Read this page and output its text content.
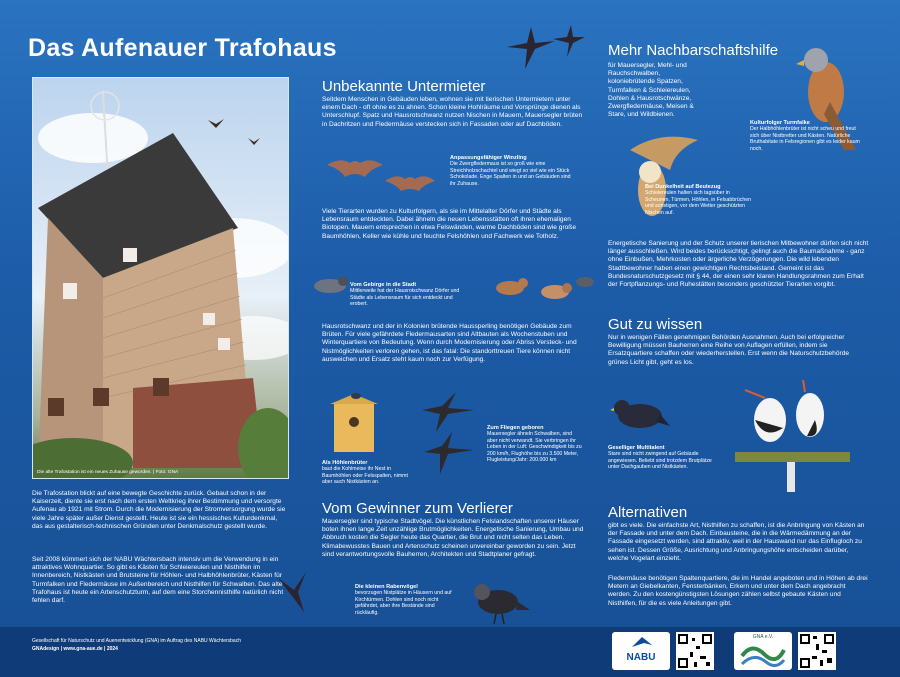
Das Aufenauer Trafohaus
Die alte Trafostation ist ein neues Zuhause geworden. | Foto: GNA
Die Trafostation blickt auf eine bewegte Geschichte zurück. Gebaut schon in der Kaiserzeit, diente sie erst nach dem ersten Weltkrieg ihrer Bestimmung und versorgte Aufenau ab 1921 mit Strom. Durch die Modernisierung der Stromversorgung wurde sie viele Jahre später außer Dienst gestellt. Heute ist sie ein hessisches Kulturdenkmal, das aus gestalterisch-technischen Gründen unter Denkmalschutz gestellt wurde.
Seit 2008 kümmert sich der NABU Wächtersbach intensiv um die Verwendung in ein attraktives Wohnquartier. So gibt es Kästen für Schleiereulen und Nisthilfen im Innenbereich, Nistkästen und Brutsteine für Höhlen- und Halbhöhlenbrüter, Kästen für Turmfalken und Fledermäuse im Außenbereich und Nisthilfen für Schwalben. Das alte Trafohaus ist heute ein Artenschutzturm, auf dem eine Storchennisthilfe natürlich nicht fehlen darf.
Unbekannte Untermieter
Seitdem Menschen in Gebäuden leben, wohnen sie mit tierischen Untermietern unter einem Dach - oft ohne es zu ahnen. Schon kleine Hohlräume und Vorsprünge dienen als Unterschlupf. Spatz und Hausrotschwanz nutzen Nischen in Mauern, Mauersegler brüten in Dachritzen und Fledermäuse verstecken sich in Fassaden oder auf Dachböden.
Anpassungsfähiger Winzling
Die Zwergfledermaus ist so groß wie eine Streichholzschachtel und wiegt so viel wie ein Stück Schokolade. Enge Spalten in und an Gebäuden sind ihr Zuhause.
Viele Tierarten wurden zu Kulturfolgern, als sie im Mittelalter Dörfer und Städte als Lebensraum entdeckten. Dabei ähneln die neuen Lebensstätten oft ihren ehemaligen Biotopen. Mauern entsprechen in etwa Felswänden, warme Dachböden sind wie große Baumhöhlen, Keller wie kühle und feuchte Felshöhlen und Fachwerk wie Totholz.
Vom Gebirge in die Stadt
Mittlerweile hat der Hausrotschwanz Dörfer und Städte als Lebensraum für sich entdeckt und erobert.
Hausrotschwanz und der in Kolonien brütende Haussperling benötigen Gebäude zum Brüten. Für viele gefährdete Fledermausarten sind Altbauten als Wochenstuben und Winterquartiere von Bedeutung. Wenn durch Modernisierung oder Abriss Versteck- und Nistmöglichkeiten verloren gehen, ist das fatal: Die standorttreuen Tiere können nicht ausweichen und Ersatz steht kaum noch zur Verfügung.
Als Höhlenbrüter
baut die Kohlmeise ihr Nest in Baumhöhlen oder Felsspalten, nimmt aber auch Nistkästen an.
Zum Fliegen geboren
Mauersegler ähneln Schwalben, sind aber nicht verwandt. Sie verbringen ihr Leben in der Luft: Geschwindigkeit bis zu 200 km/h, Flughöhe bis zu 3.500 Meter, Flugleistung/Jahr: 200.000 km
Vom Gewinner zum Verlierer
Mauersegler sind typische Stadtvögel. Die künstlichen Felslandschaften unserer Häuser boten ihnen lange Zeit unzählige Brutmöglichkeiten. Energetische Sanierung, Umbau und Abbruch kosten die Segler heute das Quartier, die Brut und nicht selten das Leben. Klimabewusstes Bauen und Artenschutz scheinen unvereinbar geworden zu sein. Jetzt sind verantwortungsvolle Bauherren, Architekten und Stadtplaner gefragt.
Die kleinen Rabenvögel
bevorzugen Nistplätze in Häusern und auf Kirchtürmen. Dohlen sind noch nicht gefährdet, aber ihre Bestände sind rückläufig.
Mehr Nachbarschaftshilfe
für Mauersegler, Mehl- und Rauchschwalben, koloniebrütende Spatzen, Turmfalken & Schleiereulen, Dohlen & Hausrotschwänze, Zwergfledermäuse, Meisen & Stare, und Wildbienen.
Kulturfolger Turmfalke
Der Halbhöhlenbrüter ist nicht scheu und freut sich über Nistbretter und Kästen. Natürliche Bruthabitate in Felsregionen gibt es leider kaum noch.
Bei Dunkelheit auf Beutezug
Schleiereulen halten sich tagsüber in Scheunen, Türmen, Höhlen, in Felsabbrüchen und sonstigen, vor dem Wetter geschützten Nischen auf.
Energetische Sanierung und der Schutz unserer tierischen Mitbewohner dürfen sich nicht länger ausschließen. Wird beides berücksichtigt, gelingt auch die Baumaßnahme - ganz ohne Einbußen, Mehrkosten oder ärgerliche Verzögerungen. Die wild lebenden Stadtbewohner haben einen gewichtigen Rechtsbeistand. Gemeint ist das Bundesnaturschutzgesetz mit § 44, der einen sehr klaren Handlungsrahmen zum Erhalt der Fortpflanzungs- und Ruhestätten besonders geschützter Tierarten vorgibt.
Gut zu wissen
Nur in wenigen Fällen genehmigen Behörden Ausnahmen. Auch bei erfolgreicher Bewilligung müssen Bauherren eine Reihe von Auflagen erfüllen, indem sie Ersatzquartiere schaffen oder wiederherstellen. Erst wenn die Naturschutzbehörde grünes Licht gibt, geht es los.
Geselliger Multitalent
Stare sind nicht zwingend auf Gebäude angewiesen. Beliebt sind trotzdem Brutplätze unter Dachgauben und Nistkästen.
Alternativen
gibt es viele. Die einfachste Art, Nisthilfen zu schaffen, ist die Anbringung von Kästen an der Fassade und unter dem Dach. Einbausteine, die in die Wärmedämmung an der Fassade eingesetzt werden, sind attraktiv, weil in der Hauswand nur das Einflugloch zu sehen ist. Dessen Größe, Ausrichtung und Anbringungshöhe entscheiden darüber, welche Vogelart einzieht.
Fledermäuse benötigen Spaltenquartiere, die im Handel angeboten und in Höhen ab drei Metern an Giebelkanten, Fensterbänken, Erkern und unter dem Dach angebracht werden. Zu den kostengünstigsten Lösungen zählen selbst gebaute Kästen und Nisthilfen, für die es viele Anleitungen gibt.
Gesellschaft für Naturschutz und Auenentwicklung (GNA) im Auftrag des NABU Wächtersbach
GNAdesign | www.gna-aue.de | 2024
NABU
GNA e.V.
